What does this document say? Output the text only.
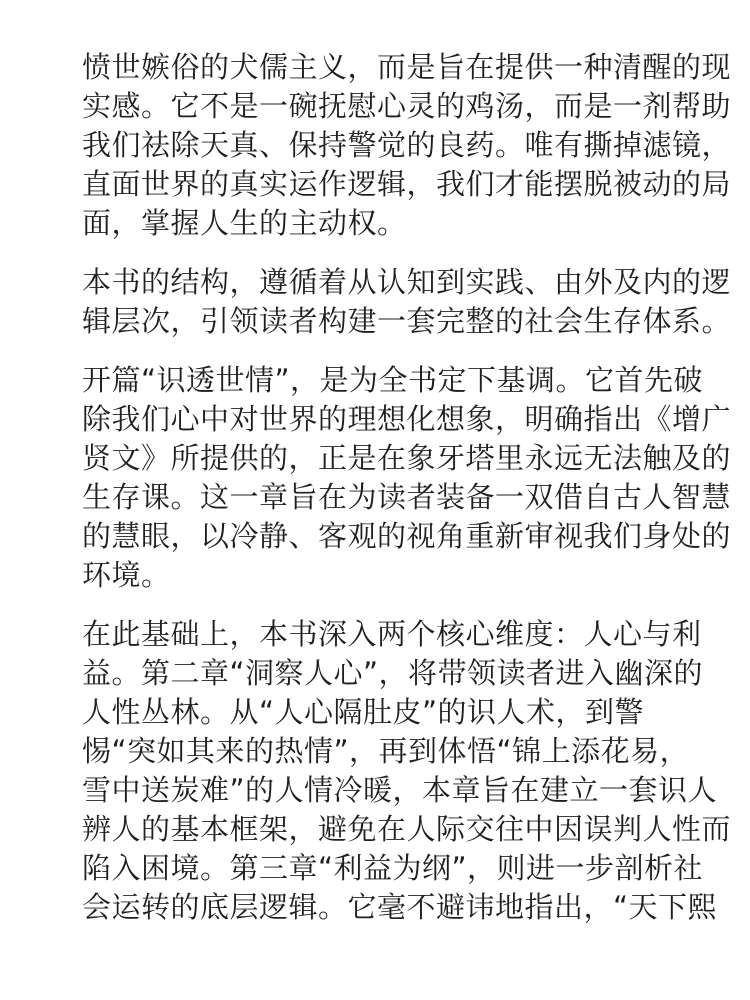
愤世嫉俗的犬儒主义，而是旨在提供一种清醒的现
实感。它不是一碗抚慰心灵的鸡汤，而是一剂帮助
我们祛除天真、保持警觉的良药。唯有撕掉滤镜，
直面世界的真实运作逻辑，我们才能摆脱被动的局
面，掌握人生的主动权。
本书的结构，遵循着从认知到实践、由外及内的逻
辑层次，引领读者构建一套完整的社会生存体系。
开篇“识透世情”，是为全书定下基调。它首先破
除我们心中对世界的理想化想象，明确指出《增广
贤文》所提供的，正是在象牙塔里永远无法触及的
生存课。这一章旨在为读者装备一双借自古人智慧
的慧眼，以冷静、客观的视角重新审视我们身处的
环境。
在此基础上，本书深入两个核心维度：人心与利
益。第二章“洞察人心”，将带领读者进入幽深的
人性丛林。从“人心隔肚皮”的识人术，到警
惕“突如其来的热情”，再到体悟“锦上添花易，
雪中送炭难”的人情冷暖，本章旨在建立一套识人
辨人的基本框架，避免在人际交往中因误判人性而
陷入困境。第三章“利益为纲”，则进一步剖析社
会运转的底层逻辑。它毫不避讳地指出，“天下熙
